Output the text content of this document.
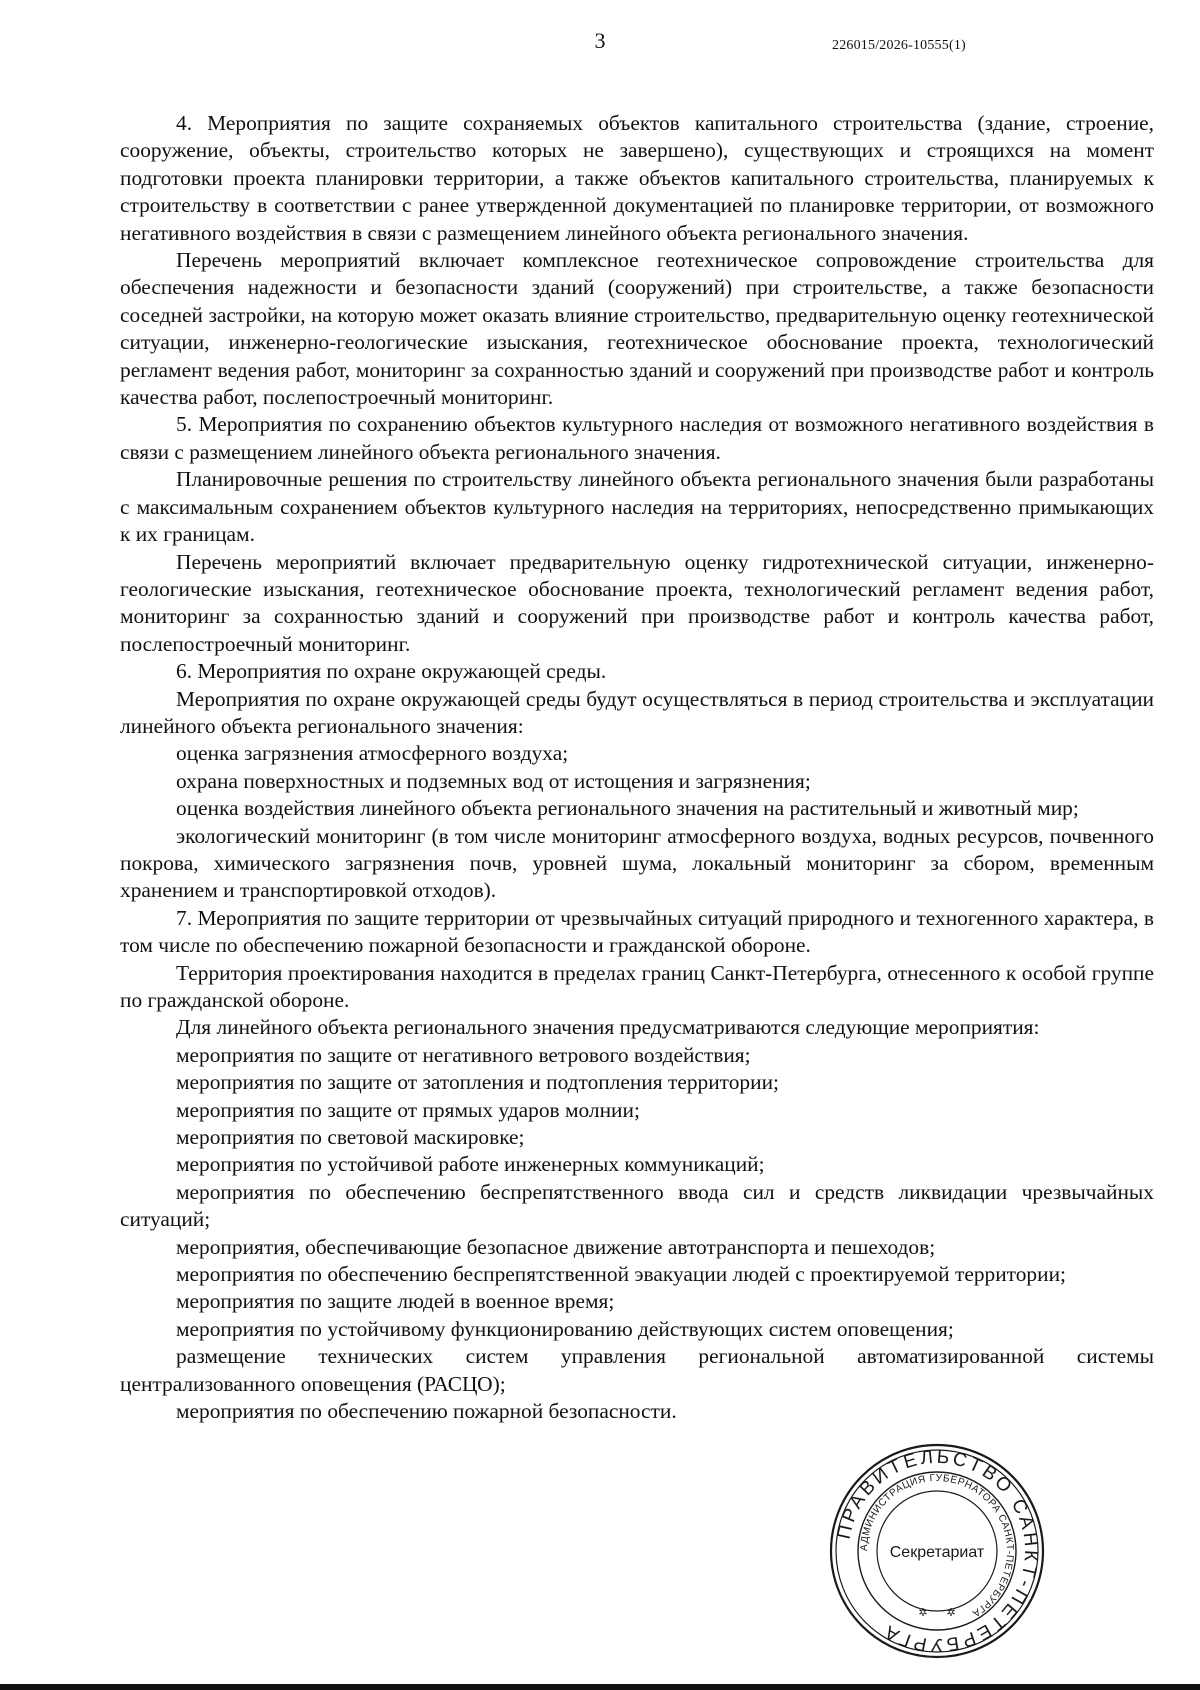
3	226015/2026-10555(1)

4. Мероприятия по защите сохраняемых объектов капитального строительства (здание, строение, сооружение, объекты, строительство которых не завершено), существующих и строящихся на момент подготовки проекта планировки территории, а также объектов капитального строительства, планируемых к строительству в соответствии с ранее утвержденной документацией по планировке территории, от возможного негативного воздействия в связи с размещением линейного объекта регионального значения.

Перечень мероприятий включает комплексное геотехническое сопровождение строительства для обеспечения надежности и безопасности зданий (сооружений) при строительстве, а также безопасности соседней застройки, на которую может оказать влияние строительство, предварительную оценку геотехнической ситуации, инженерно-геологические изыскания, геотехническое обоснование проекта, технологический регламент ведения работ, мониторинг за сохранностью зданий и сооружений при производстве работ и контроль качества работ, послепостроечный мониторинг.

5. Мероприятия по сохранению объектов культурного наследия от возможного негативного воздействия в связи с размещением линейного объекта регионального значения.

Планировочные решения по строительству линейного объекта регионального значения были разработаны с максимальным сохранением объектов культурного наследия на территориях, непосредственно примыкающих к их границам.

Перечень мероприятий включает предварительную оценку гидротехнической ситуации, инженерно-геологические изыскания, геотехническое обоснование проекта, технологический регламент ведения работ, мониторинг за сохранностью зданий и сооружений при производстве работ и контроль качества работ, послепостроечный мониторинг.

6. Мероприятия по охране окружающей среды.

Мероприятия по охране окружающей среды будут осуществляться в период строительства и эксплуатации линейного объекта регионального значения:

оценка загрязнения атмосферного воздуха;

охрана поверхностных и подземных вод от истощения и загрязнения;

оценка воздействия линейного объекта регионального значения на растительный и животный мир;

экологический мониторинг (в том числе мониторинг атмосферного воздуха, водных ресурсов, почвенного покрова, химического загрязнения почв, уровней шума, локальный мониторинг за сбором, временным хранением и транспортировкой отходов).

7. Мероприятия по защите территории от чрезвычайных ситуаций природного и техногенного характера, в том числе по обеспечению пожарной безопасности и гражданской обороне.

Территория проектирования находится в пределах границ Санкт-Петербурга, отнесенного к особой группе по гражданской обороне.

Для линейного объекта регионального значения предусматриваются следующие мероприятия:

мероприятия по защите от негативного ветрового воздействия;

мероприятия по защите от затопления и подтопления территории;

мероприятия по защите от прямых ударов молнии;

мероприятия по световой маскировке;

мероприятия по устойчивой работе инженерных коммуникаций;

мероприятия по обеспечению беспрепятственного ввода сил и средств ликвидации чрезвычайных ситуаций;

мероприятия, обеспечивающие безопасное движение автотранспорта и пешеходов;

мероприятия по обеспечению беспрепятственной эвакуации людей с проектируемой территории;

мероприятия по защите людей в военное время;

мероприятия по устойчивому функционированию действующих систем оповещения;

размещение технических систем управления региональной автоматизированной системы централизованного оповещения (РАСЦО);

мероприятия по обеспечению пожарной безопасности.

ПРАВИТЕЛЬСТВО САНКТ-ПЕТЕРБУРГА
АДМИНИСТРАЦИЯ ГУБЕРНАТОРА САНКТ-ПЕТЕРБУРГА
Секретариат
✲ ✲
